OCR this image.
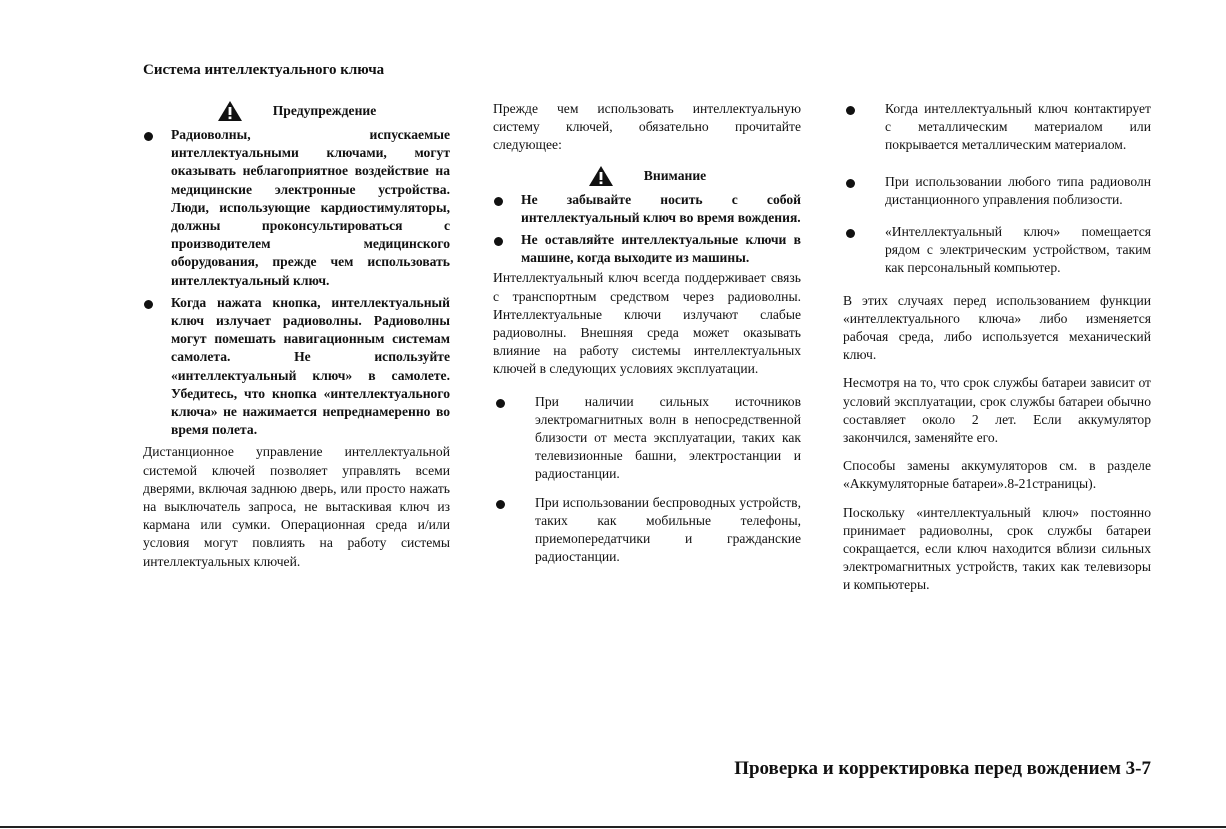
Система интеллектуального ключа
Предупреждение
Радиоволны, испускаемые интеллектуальными ключами, могут оказывать неблагоприятное воздействие на медицинские электронные устройства. Люди, использующие кардиостимуляторы, должны проконсультироваться с производителем медицинского оборудования, прежде чем использовать интеллектуальный ключ.
Когда нажата кнопка, интеллектуальный ключ излучает радиоволны. Радиоволны могут помешать навигационным системам самолета. Не используйте «интеллектуальный ключ» в самолете. Убедитесь, что кнопка «интеллектуального ключа» не нажимается непреднамеренно во время полета.
Дистанционное управление интеллектуальной системой ключей позволяет управлять всеми дверями, включая заднюю дверь, или просто нажать на выключатель запроса, не вытаскивая ключ из кармана или сумки. Операционная среда и/или условия могут повлиять на работу системы интеллектуальных ключей.
Прежде чем использовать интеллектуальную систему ключей, обязательно прочитайте следующее:
Внимание
Не забывайте носить с собой интеллектуальный ключ во время вождения.
Не оставляйте интеллектуальные ключи в машине, когда выходите из машины.
Интеллектуальный ключ всегда поддерживает связь с транспортным средством через радиоволны. Интеллектуальные ключи излучают слабые радиоволны. Внешняя среда может оказывать влияние на работу системы интеллектуальных ключей в следующих условиях эксплуатации.
При наличии сильных источников электромагнитных волн в непосредственной близости от места эксплуатации, таких как телевизионные башни, электростанции и радиостанции.
При использовании беспроводных устройств, таких как мобильные телефоны, приемопередатчики и гражданские радиостанции.
Когда интеллектуальный ключ контактирует с металлическим материалом или покрывается металлическим материалом.
При использовании любого типа радиоволн дистанционного управления поблизости.
«Интеллектуальный ключ» помещается рядом с электрическим устройством, таким как персональный компьютер.
В этих случаях перед использованием функции «интеллектуального ключа» либо изменяется рабочая среда, либо используется механический ключ.
Несмотря на то, что срок службы батареи зависит от условий эксплуатации, срок службы батареи обычно составляет около 2 лет. Если аккумулятор закончился, заменяйте его.
Способы замены аккумуляторов см. в разделе «Аккумуляторные батареи».8-21страницы).
Поскольку «интеллектуальный ключ» постоянно принимает радиоволны, срок службы батареи сокращается, если ключ находится вблизи сильных электромагнитных устройств, таких как телевизоры и компьютеры.
Проверка и корректировка перед вождением 3-7
